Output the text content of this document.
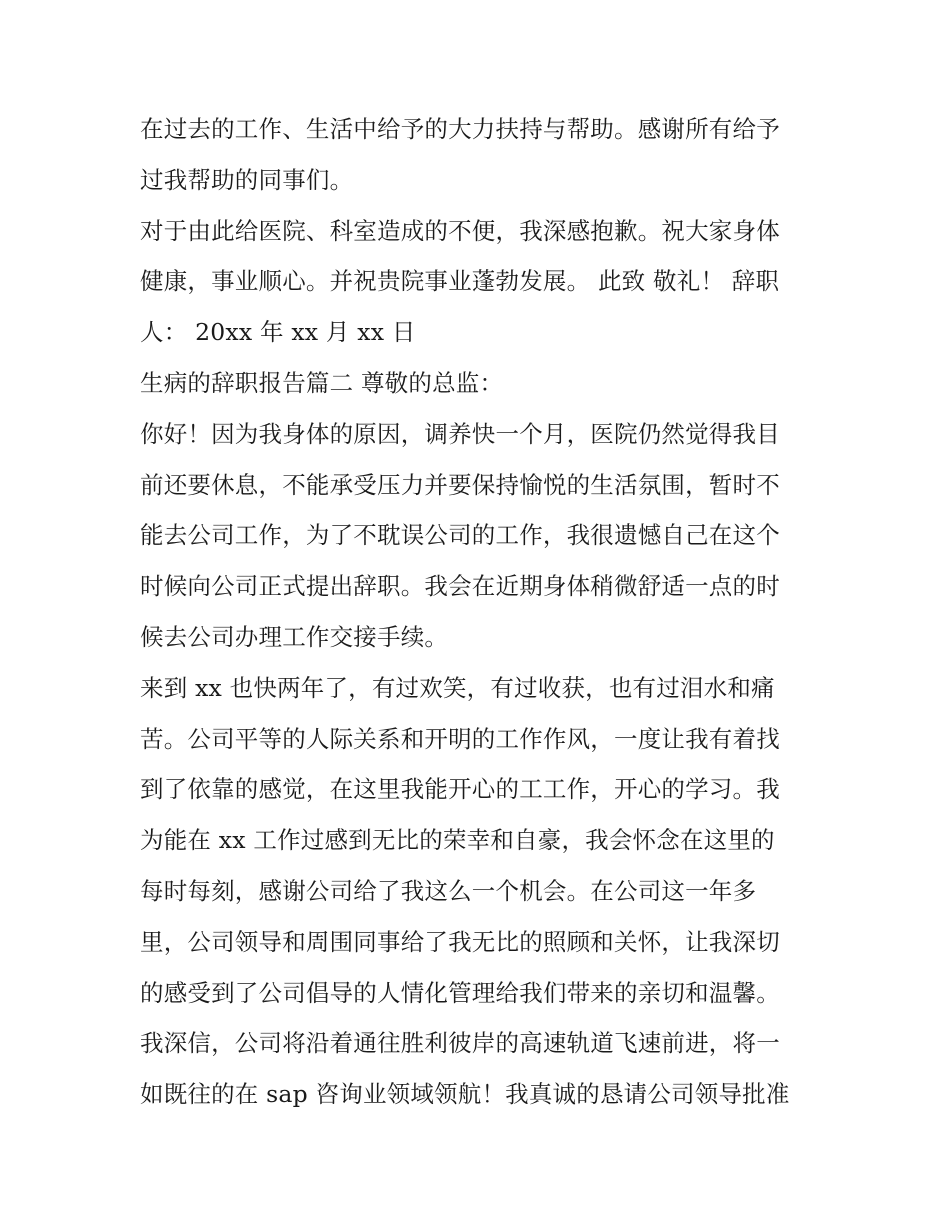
在过去的工作、生活中给予的大力扶持与帮助。感谢所有给予
过我帮助的同事们。
对于由此给医院、科室造成的不便，我深感抱歉。祝大家身体
健康，事业顺心。并祝贵院事业蓬勃发展。 此致 敬礼！ 辞职
人： 20xx 年 xx 月 xx 日
生病的辞职报告篇二 尊敬的总监：
你好！因为我身体的原因，调养快一个月，医院仍然觉得我目
前还要休息，不能承受压力并要保持愉悦的生活氛围，暂时不
能去公司工作，为了不耽误公司的工作，我很遗憾自己在这个
时候向公司正式提出辞职。我会在近期身体稍微舒适一点的时
候去公司办理工作交接手续。
来到 xx 也快两年了，有过欢笑，有过收获，也有过泪水和痛
苦。公司平等的人际关系和开明的工作作风，一度让我有着找
到了依靠的感觉，在这里我能开心的工工作，开心的学习。我
为能在 xx 工作过感到无比的荣幸和自豪，我会怀念在这里的
每时每刻，感谢公司给了我这么一个机会。在公司这一年多
里，公司领导和周围同事给了我无比的照顾和关怀，让我深切
的感受到了公司倡导的人情化管理给我们带来的亲切和温馨。
我深信，公司将沿着通往胜利彼岸的高速轨道飞速前进，将一
如既往的在 sap 咨询业领域领航！我真诚的恳请公司领导批准
